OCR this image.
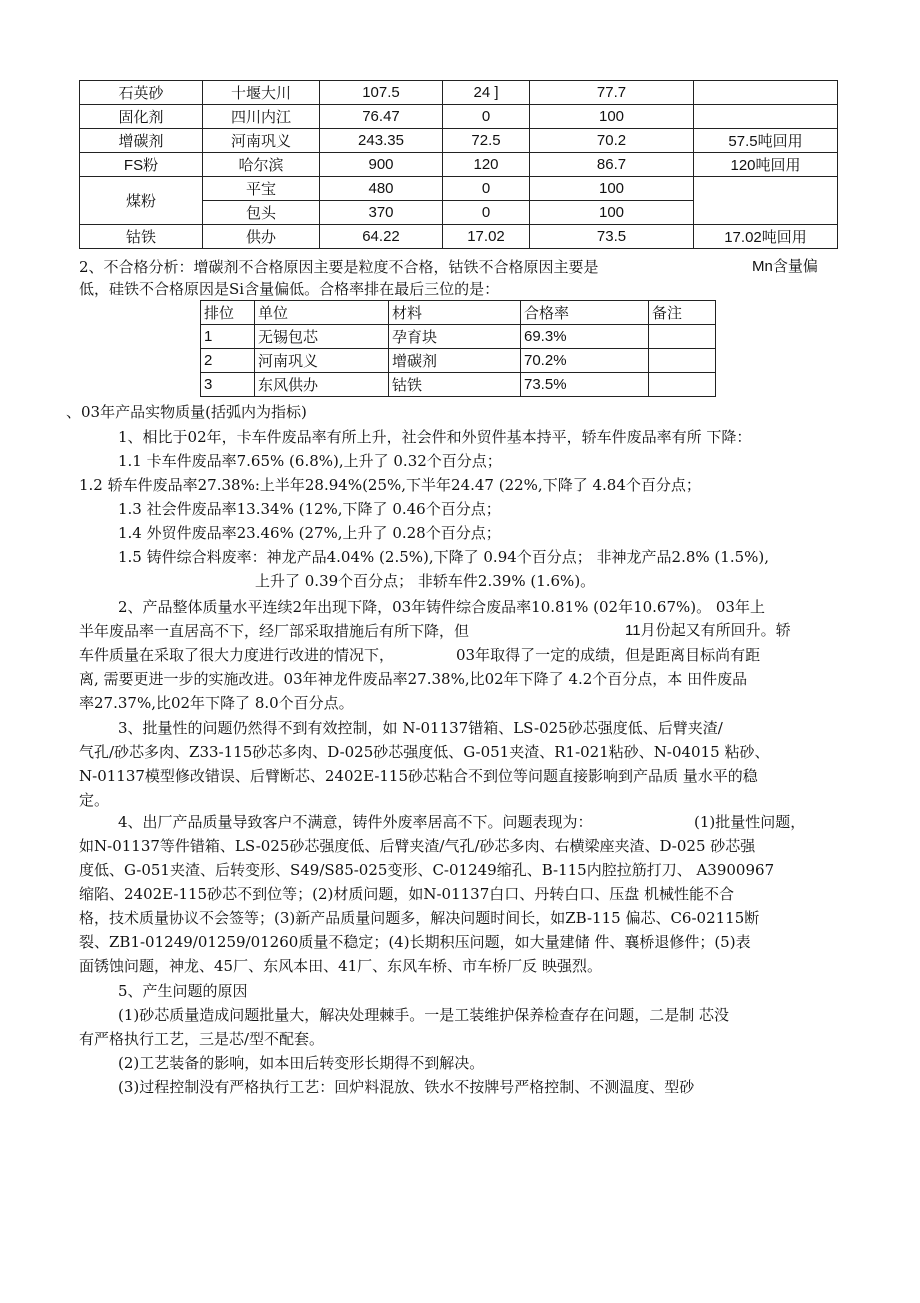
石英砂	十堰大川	107.5	24 ]	77.7	
固化剂	四川内江	76.47	0	100	
增碳剂	河南巩义	243.35	72.5	70.2	57.5吨回用
FS粉	哈尔滨	900	120	86.7	120吨回用
煤粉	平宝	480	0	100	
	包头	370	0	100	
钴铁	供办	64.22	17.02	73.5	17.02吨回用
2、不合格分析：增碳剂不合格原因主要是粒度不合格，钴铁不合格原因主要是	Mn含量偏
低，硅铁不合格原因是Si含量偏低。合格率排在最后三位的是：
排位	单位	材料	合格率	备注
1	无锡包芯	孕育块	69.3%	
2	河南巩义	增碳剂	70.2%	
3	东风供办	钴铁	73.5%	
、03年产品实物质量(括弧内为指标)
1、相比于02年，卡车件废品率有所上升，社会件和外贸件基本持平，轿车件废品率有所 下降：
1.1 卡车件废品率7.65% (6.8%),上升了 0.32个百分点；
1.2 轿车件废品率27.38%:上半年28.94%(25%,下半年24.47 (22%,下降了 4.84个百分点；
1.3 社会件废品率13.34% (12%,下降了 0.46个百分点；
1.4 外贸件废品率23.46% (27%,上升了 0.28个百分点；
1.5 铸件综合料废率：神龙产品4.04% (2.5%),下降了 0.94个百分点； 非神龙产品2.8% (1.5%),
上升了 0.39个百分点； 非轿车件2.39% (1.6%)。
2、产品整体质量水平连续2年出现下降，03年铸件综合废品率10.81% (02年10.67%)。 03年上
半年废品率一直居高不下，经厂部采取措施后有所下降，但	11月份起又有所回升。轿
车件质量在采取了很大力度进行改进的情况下，	03年取得了一定的成绩，但是距离目标尚有距
离, 需要更进一步的实施改进。03年神龙件废品率27.38%,比02年下降了 4.2个百分点，本 田件废品
率27.37%,比02年下降了 8.0个百分点。
3、批量性的问题仍然得不到有效控制，如 N-01137错箱、LS-025砂芯强度低、后臂夹渣/
气孔/砂芯多肉、Z33-115砂芯多肉、D-025砂芯强度低、G-051夹渣、R1-021粘砂、N-04015 粘砂、
N-01137模型修改错误、后臂断芯、2402E-115砂芯粘合不到位等问题直接影响到产品质 量水平的稳
定。
4、出厂产品质量导致客户不满意，铸件外废率居高不下。问题表现为：	(1)批量性问题，
如N-01137等件错箱、LS-025砂芯强度低、后臂夹渣/气孔/砂芯多肉、右横梁座夹渣、D-025 砂芯强
度低、G-051夹渣、后转变形、S49/S85-025变形、C-01249缩孔、B-115内腔拉筋打刀、 A3900967
缩陷、2402E-115砂芯不到位等；(2)材质问题，如N-01137白口、丹转白口、压盘 机械性能不合
格，技术质量协议不会签等；(3)新产品质量问题多，解决问题时间长，如ZB-115 偏芯、C6-02115断
裂、ZB1-01249/01259/01260质量不稳定；(4)长期积压问题，如大量建储 件、襄桥退修件；(5)表
面锈蚀问题，神龙、45厂、东风本田、41厂、东风车桥、市车桥厂反 映强烈。
5、产生问题的原因
(1)砂芯质量造成问题批量大，解决处理棘手。一是工装维护保养检查存在问题，二是制 芯没
有严格执行工艺，三是芯/型不配套。
(2)工艺装备的影响，如本田后转变形长期得不到解决。
(3)过程控制没有严格执行工艺：回炉料混放、铁水不按牌号严格控制、不测温度、型砂
